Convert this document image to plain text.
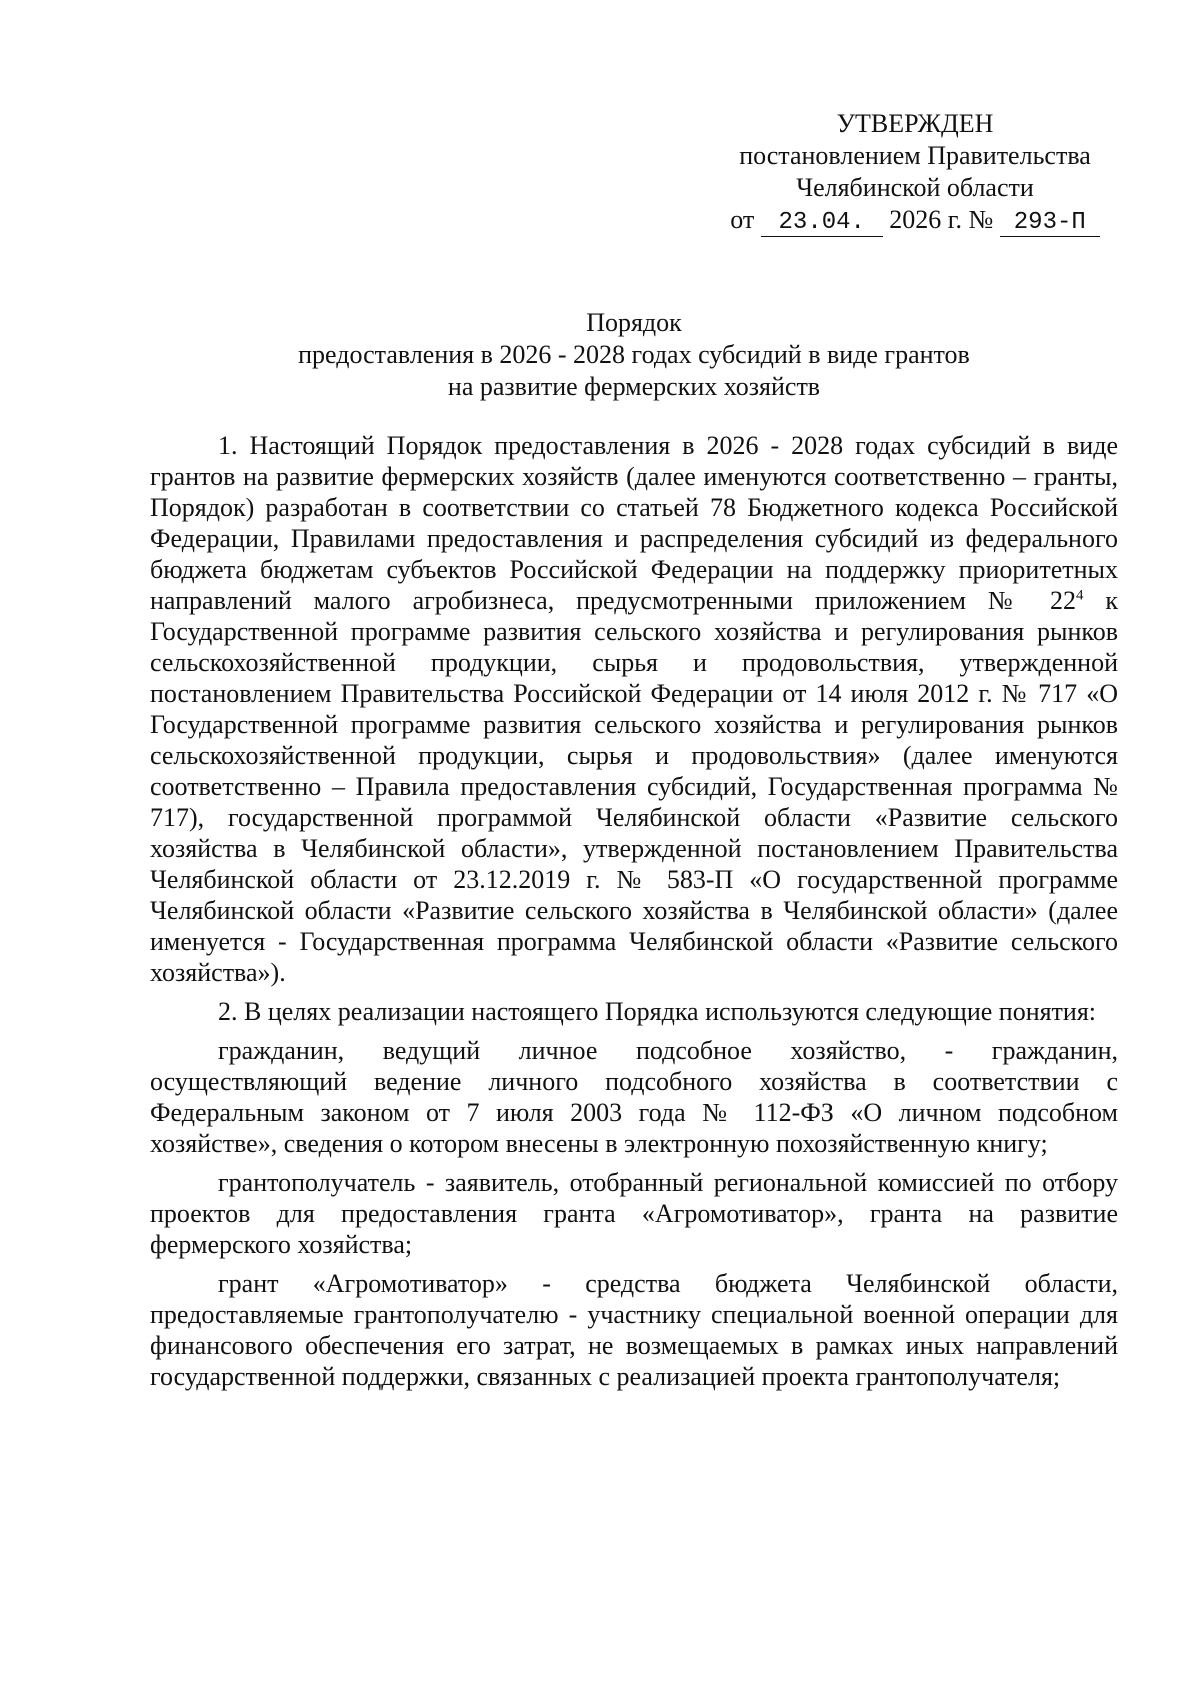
УТВЕРЖДЕН
постановлением Правительства
Челябинской области
от 23.04. 2026 г. № 293-П
Порядок
предоставления в 2026 - 2028 годах субсидий в виде грантов
на развитие фермерских хозяйств

1. Настоящий Порядок предоставления в 2026 - 2028 годах субсидий в виде грантов на развитие фермерских хозяйств (далее именуются соответственно – гранты, Порядок) разработан в соответствии со статьей 78 Бюджетного кодекса Российской Федерации, Правилами предоставления и распределения субсидий из федерального бюджета бюджетам субъектов Российской Федерации на поддержку приоритетных направлений малого агробизнеса, предусмотренными приложением № $22^4$ к Государственной программе развития сельского хозяйства и регулирования рынков сельскохозяйственной продукции, сырья и продовольствия, утвержденной постановлением Правительства Российской Федерации от 14 июля 2012 г. № 717 «О Государственной программе развития сельского хозяйства и регулирования рынков сельскохозяйственной продукции, сырья и продовольствия» (далее именуются соответственно – Правила предоставления субсидий, Государственная программа № 717), государственной программой Челябинской области «Развитие сельского хозяйства в Челябинской области», утвержденной постановлением Правительства Челябинской области от 23.12.2019 г. № 583-П «О государственной программе Челябинской области «Развитие сельского хозяйства в Челябинской области» (далее именуется - Государственная программа Челябинской области «Развитие сельского хозяйства»).

2. В целях реализации настоящего Порядка используются следующие понятия:

гражданин, ведущий личное подсобное хозяйство, - гражданин, осуществляющий ведение личного подсобного хозяйства в соответствии с Федеральным законом от 7 июля 2003 года № 112-ФЗ «О личном подсобном хозяйстве», сведения о котором внесены в электронную похозяйственную книгу;

грантополучатель - заявитель, отобранный региональной комиссией по отбору проектов для предоставления гранта «Агромотиватор», гранта на развитие фермерского хозяйства;

грант «Агромотиватор» - средства бюджета Челябинской области, предоставляемые грантополучателю - участнику специальной военной операции для финансового обеспечения его затрат, не возмещаемых в рамках иных направлений государственной поддержки, связанных с реализацией проекта грантополучателя;
